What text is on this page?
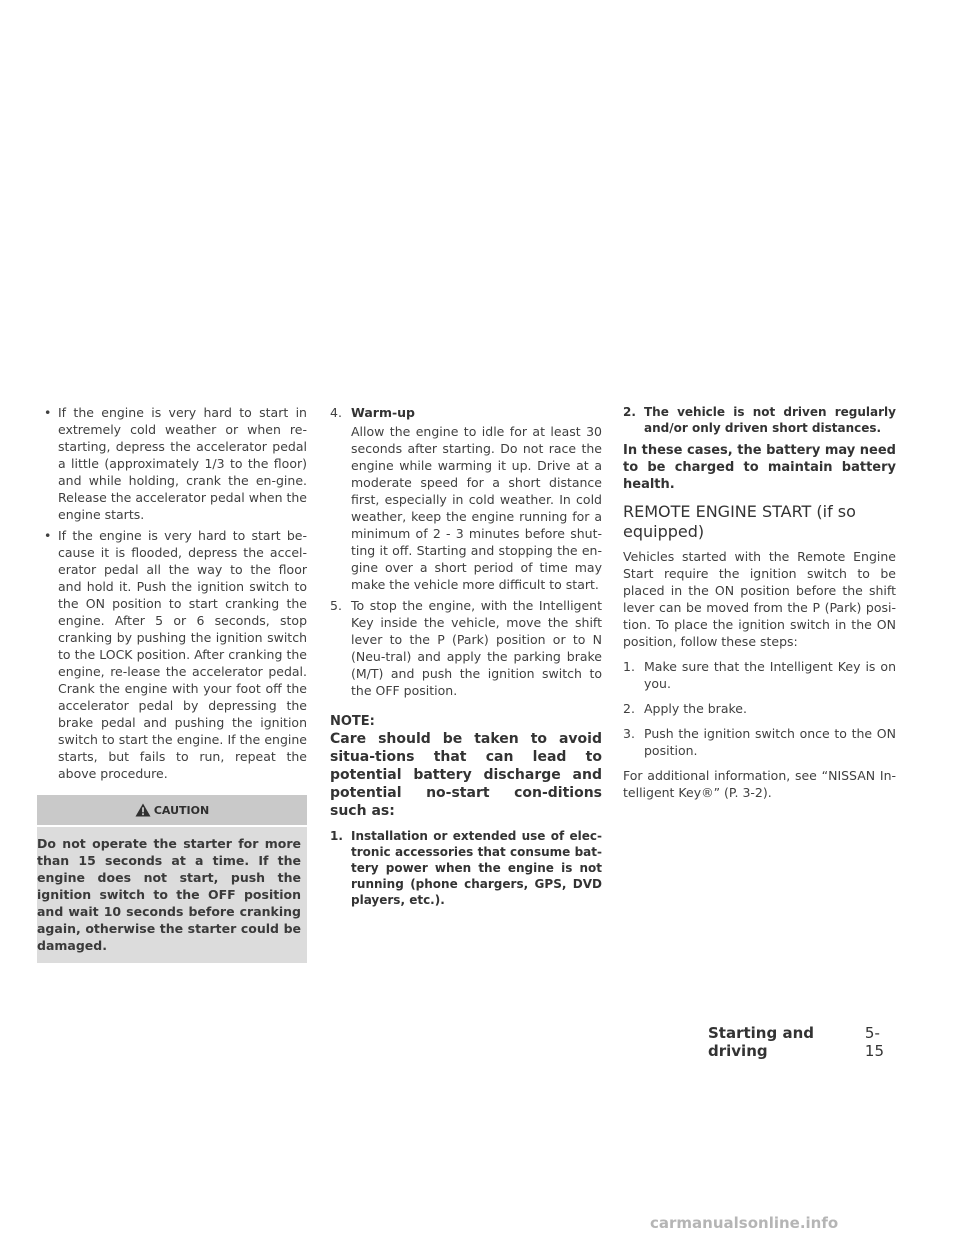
• If the engine is very hard to start in extremely cold weather or when re-starting, depress the accelerator pedal a little (approximately 1/3 to the floor) and while holding, crank the en-gine. Release the accelerator pedal when the engine starts.
• If the engine is very hard to start be-cause it is flooded, depress the accel-erator pedal all the way to the floor and hold it. Push the ignition switch to the ON position to start cranking the engine. After 5 or 6 seconds, stop cranking by pushing the ignition switch to the LOCK position. After cranking the engine, re-lease the accelerator pedal. Crank the engine with your foot off the accelerator pedal by depressing the brake pedal and pushing the ignition switch to start the engine. If the engine starts, but fails to run, repeat the above procedure.
CAUTION
Do not operate the starter for more than 15 seconds at a time. If the engine does not start, push the ignition switch to the OFF position and wait 10 seconds before cranking again, otherwise the starter could be damaged.
4. Warm-up
Allow the engine to idle for at least 30 seconds after starting. Do not race the engine while warming it up. Drive at a moderate speed for a short distance first, especially in cold weather. In cold weather, keep the engine running for a minimum of 2 - 3 minutes before shut-ting it off. Starting and stopping the en-gine over a short period of time may make the vehicle more difficult to start.
5. To stop the engine, with the Intelligent Key inside the vehicle, move the shift lever to the P (Park) position or to N (Neu-tral) and apply the parking brake (M/T) and push the ignition switch to the OFF position.
NOTE:

Care should be taken to avoid situa-tions that can lead to potential battery discharge and potential no-start con-ditions such as:

1. Installation or extended use of elec-tronic accessories that consume bat-tery power when the engine is not running (phone chargers, GPS, DVD players, etc.).
2. The vehicle is not driven regularly and/or only driven short distances.

In these cases, the battery may need to be charged to maintain battery health.

REMOTE ENGINE START (if so equipped)

Vehicles started with the Remote Engine Start require the ignition switch to be placed in the ON position before the shift lever can be moved from the P (Park) posi-tion. To place the ignition switch in the ON position, follow these steps:

1. Make sure that the Intelligent Key is on you.
2. Apply the brake.
3. Push the ignition switch once to the ON position.

For additional information, see “NISSAN In-telligent Key®” (P. 3-2).

Starting and driving
5-15
carmanualsonline.info
